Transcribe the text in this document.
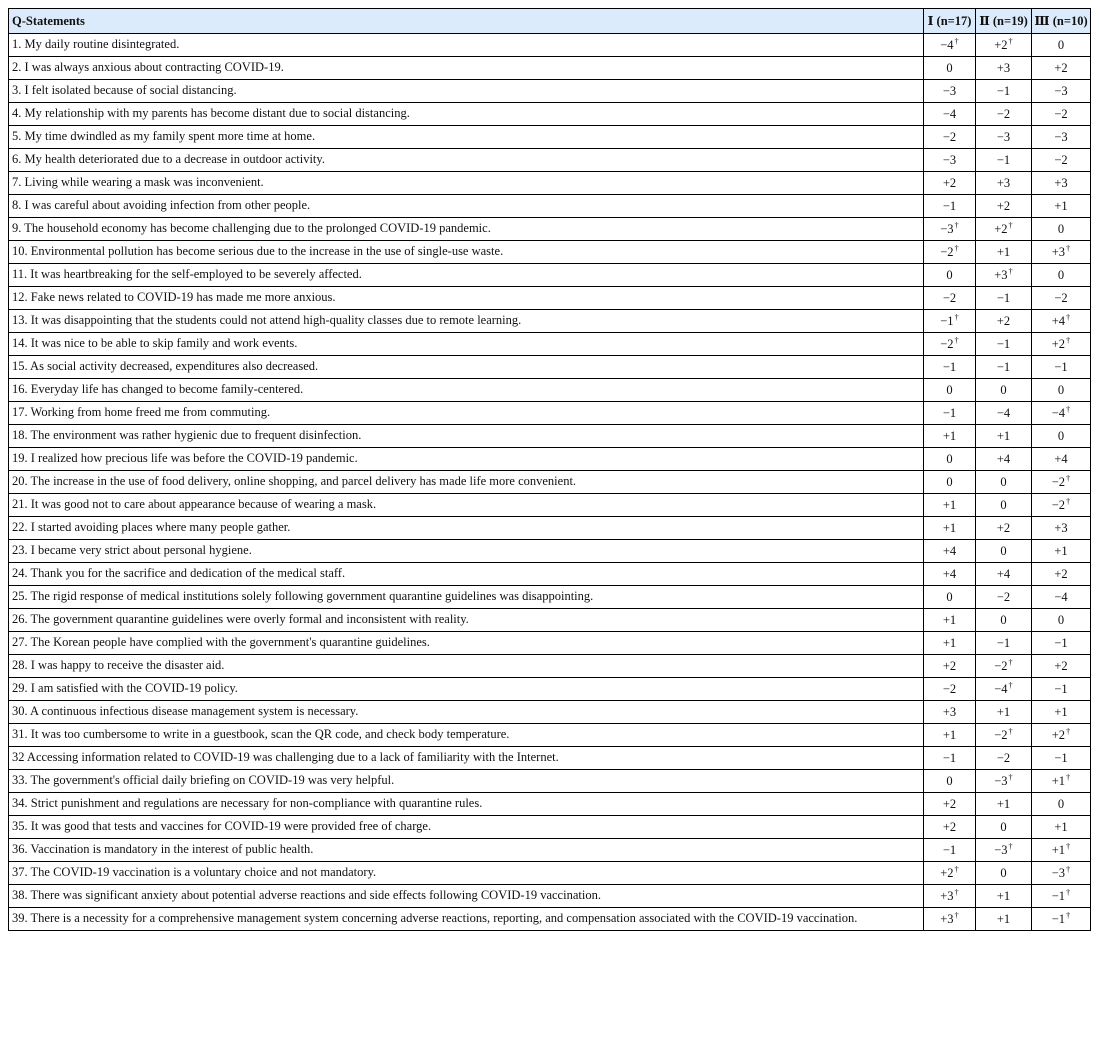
Q-Statements	Ⅰ (n=17)	Ⅱ (n=19)	Ⅲ (n=10)
1. My daily routine disintegrated.	−4†	+2†	0
2. I was always anxious about contracting COVID-19.	0	+3	+2
3. I felt isolated because of social distancing.	−3	−1	−3
4. My relationship with my parents has become distant due to social distancing.	−4	−2	−2
5. My time dwindled as my family spent more time at home.	−2	−3	−3
6. My health deteriorated due to a decrease in outdoor activity.	−3	−1	−2
7. Living while wearing a mask was inconvenient.	+2	+3	+3
8. I was careful about avoiding infection from other people.	−1	+2	+1
9. The household economy has become challenging due to the prolonged COVID-19 pandemic.	−3†	+2†	0
10. Environmental pollution has become serious due to the increase in the use of single-use waste.	−2†	+1	+3†
11. It was heartbreaking for the self-employed to be severely affected.	0	+3†	0
12. Fake news related to COVID-19 has made me more anxious.	−2	−1	−2
13. It was disappointing that the students could not attend high-quality classes due to remote learning.	−1†	+2	+4†
14. It was nice to be able to skip family and work events.	−2†	−1	+2†
15. As social activity decreased, expenditures also decreased.	−1	−1	−1
16. Everyday life has changed to become family-centered.	0	0	0
17. Working from home freed me from commuting.	−1	−4	−4†
18. The environment was rather hygienic due to frequent disinfection.	+1	+1	0
19. I realized how precious life was before the COVID-19 pandemic.	0	+4	+4
20. The increase in the use of food delivery, online shopping, and parcel delivery has made life more convenient.	0	0	−2†
21. It was good not to care about appearance because of wearing a mask.	+1	0	−2†
22. I started avoiding places where many people gather.	+1	+2	+3
23. I became very strict about personal hygiene.	+4	0	+1
24. Thank you for the sacrifice and dedication of the medical staff.	+4	+4	+2
25. The rigid response of medical institutions solely following government quarantine guidelines was disappointing.	0	−2	−4
26. The government quarantine guidelines were overly formal and inconsistent with reality.	+1	0	0
27. The Korean people have complied with the government's quarantine guidelines.	+1	−1	−1
28. I was happy to receive the disaster aid.	+2	−2†	+2
29. I am satisfied with the COVID-19 policy.	−2	−4†	−1
30. A continuous infectious disease management system is necessary.	+3	+1	+1
31. It was too cumbersome to write in a guestbook, scan the QR code, and check body temperature.	+1	−2†	+2†
32 Accessing information related to COVID-19 was challenging due to a lack of familiarity with the Internet.	−1	−2	−1
33. The government's official daily briefing on COVID-19 was very helpful.	0	−3†	+1†
34. Strict punishment and regulations are necessary for non-compliance with quarantine rules.	+2	+1	0
35. It was good that tests and vaccines for COVID-19 were provided free of charge.	+2	0	+1
36. Vaccination is mandatory in the interest of public health.	−1	−3†	+1†
37. The COVID-19 vaccination is a voluntary choice and not mandatory.	+2†	0	−3†
38. There was significant anxiety about potential adverse reactions and side effects following COVID-19 vaccination.	+3†	+1	−1†
39. There is a necessity for a comprehensive management system concerning adverse reactions, reporting, and compensation associated with the COVID-19 vaccination.	+3†	+1	−1†
